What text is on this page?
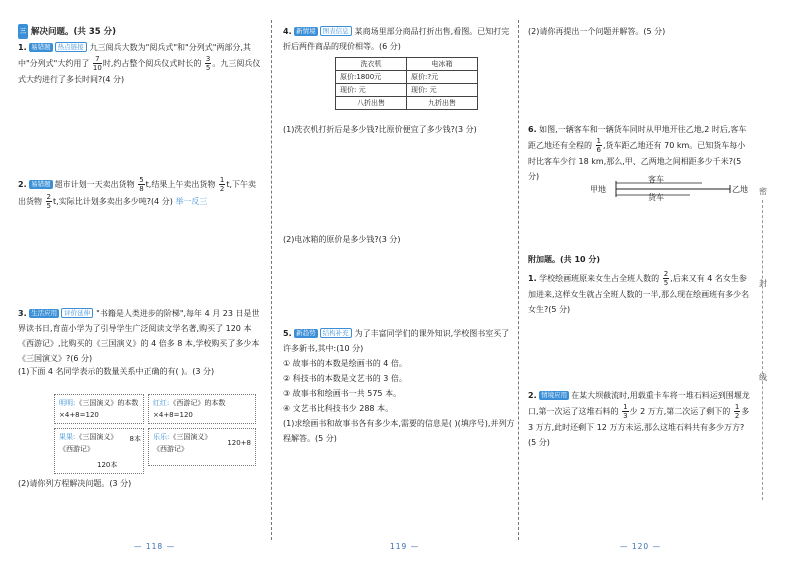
三 解决问题。(共 35 分)
1. 易错题 热点链接 九三阅兵大数为"阅兵式"和"分列式"两部分,其中"分列式"大约用了 $\frac{7}{10}$ 时,约占整个阅兵仪式时长的 $\frac{3}{5}$ 。九三阅兵仪式大约进行了多长时间?(4 分)
2. 易错题 超市计划一天卖出货物 $\frac{5}{8} t$,结果上午卖出货物 $\frac{1}{2} t$,下午卖出货物 $\frac{2}{5} t$,实际比计划多卖出多少吨?(4 分) 举一反三
3. 生活应用 评价延伸 "书籍是人类进步的阶梯",每年 4 月 23 日是世界读书日,育苗小学为了引导学生广泛阅读文学名著,购买了 120 本《西游记》,比购买的《三国演义》的 4 倍多 8 本,学校购买了多少本《三国演义》?(6 分)
(1)下面 4 名同学表示的数量关系中正确的有( )。(3 分)
明明:《三国演义》的本数×4+8=120
红红:《西游记》的本数×4+8=120
果果:《三国演义》
《西游记》
8本
120本
乐乐:《三国演义》
《西游记》
120+8
(2)请你列方程解决问题。(3 分)
4. 新情境 图表信息 某商场里部分商品打折出售,看图。已知打完折后两件商品的现价相等。(6 分)
洗衣机	电冰箱
原价:1800元	原价:?元
现价: 元	现价: 元
八折出售	九折出售
(1)洗衣机打折后是多少钱?比原价便宜了多少钱?(3 分)
(2)电冰箱的原价是多少钱?(3 分)
5. 新趋势 结构补充 为了丰富同学们的课外知识,学校图书室买了许多新书,其中:(10 分)
① 故事书的本数是绘画书的 4 倍。
② 科技书的本数是文艺书的 3 倍。
③ 故事书和绘画书一共 575 本。
④ 文艺书比科技书少 288 本。
(1)求绘画书和故事书各有多少本,需要的信息是( )(填序号),并列方程解答。(5 分)
(2)请你再提出一个问题并解答。(5 分)
6. 如图,一辆客车和一辆货车同时从甲地开往乙地,2 时后,客车距乙地还有全程的 $\frac{1}{6}$ ,货车距乙地还有 70 km。已知货车每小时比客车少行 18 km,那么,甲、乙两地之间相距多少千米?(5 分)
甲地	乙地
客车
货车
附加题。(共 10 分)
1. 学校绘画班原来女生占全班人数的 $\frac{2}{5}$ ,后来又有 4 名女生参加进来,这样女生就占全班人数的一半,那么现在绘画班有多少名女生?(5 分)
2. 情境应用 在某大坝截流时,用载重卡车将一堆石料运到围堰龙口,第一次运了这堆石料的 $\frac{1}{3}$ 少 2 万方,第二次运了剩下的 $\frac{1}{2}$ 多 3 万方,此时还剩下 12 万方未运,那么这堆石料共有多少万方?(5 分)
密
封
线
— 118 —	119 —	— 120 —
